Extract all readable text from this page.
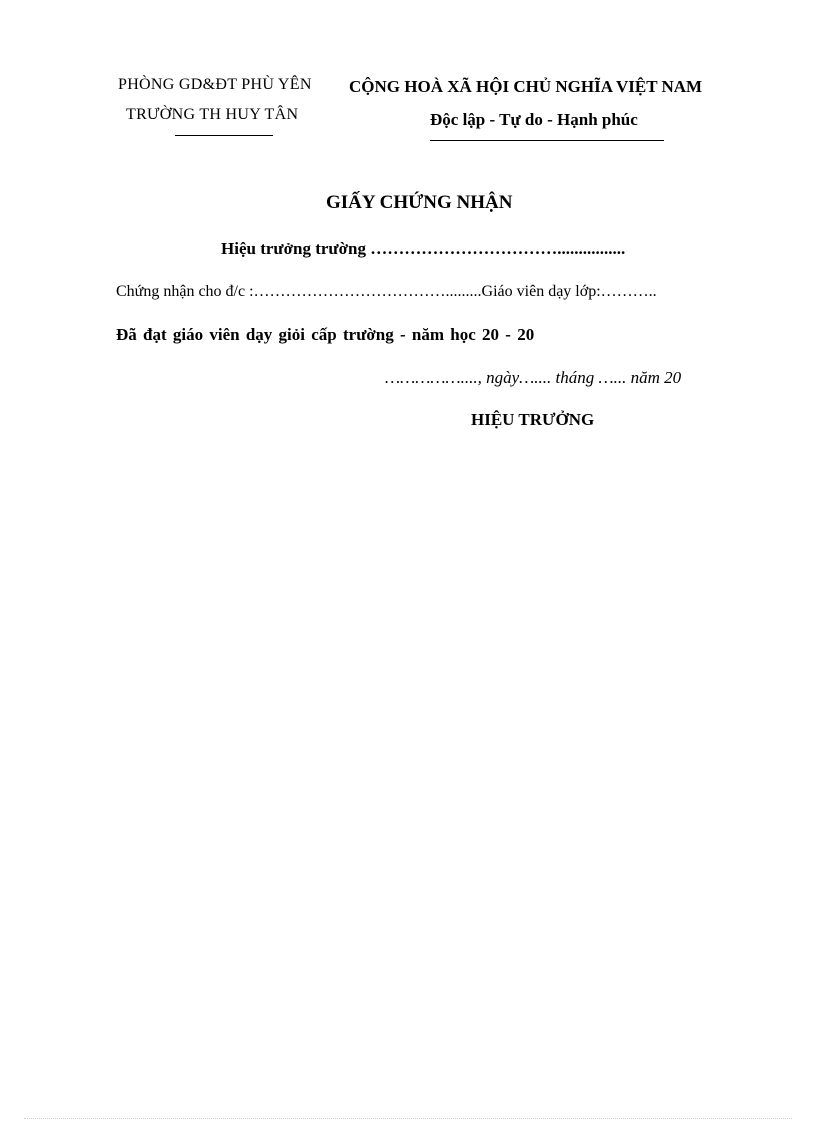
PHÒNG GD&ĐT PHÙ YÊN
TRƯỜNG TH HUY TÂN
CỘNG HOÀ XÃ HỘI CHỦ NGHĨA VIỆT NAM
Độc lập - Tự do - Hạnh phúc
GIẤY CHỨNG NHẬN
Hiệu trưởng trường ……………………………................
Chứng nhận cho đ/c :……………………………….........Giáo viên dạy lớp:………..
Đã đạt giáo viên dạy giỏi cấp trường - năm học 20 - 20
……………...., ngày….... tháng …... năm 20
HIỆU TRƯỞNG
